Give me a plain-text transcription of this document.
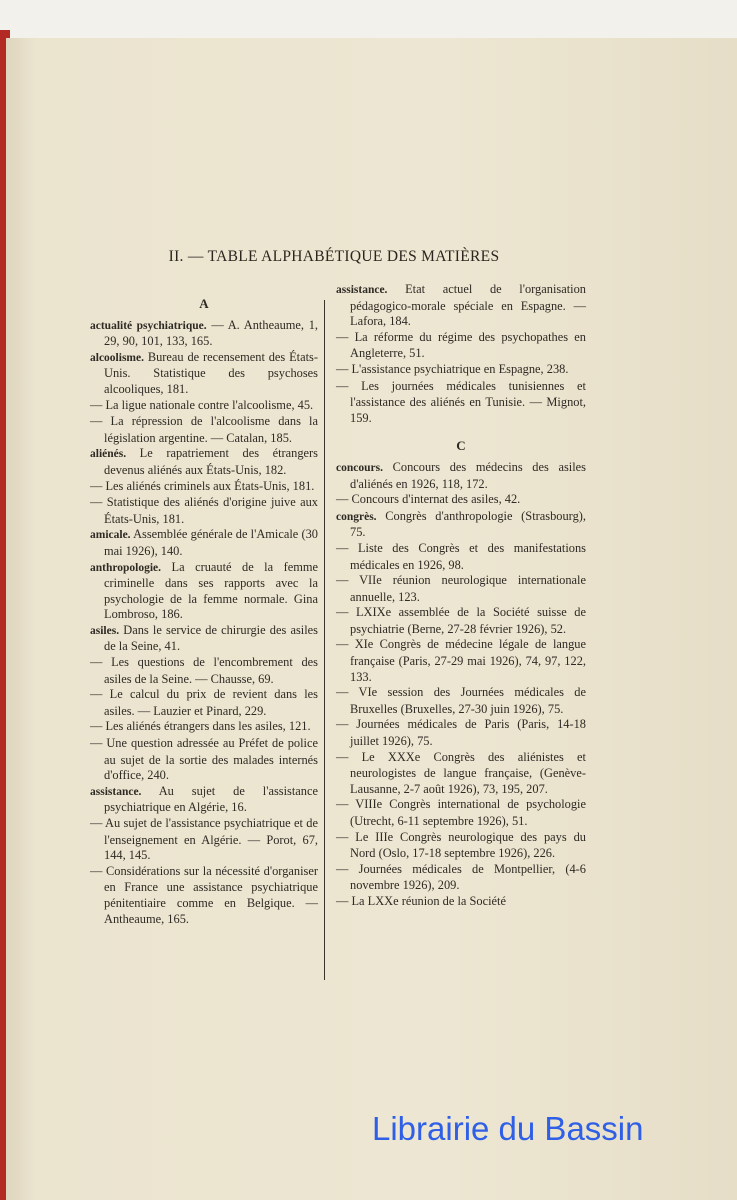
II. — TABLE ALPHABÉTIQUE DES MATIÈRES
A

actualité psychiatrique. — A. Antheaume, 1, 29, 90, 101, 133, 165.

alcoolisme. Bureau de recensement des États-Unis. Statistique des psychoses alcooliques, 181.

— La ligue nationale contre l'alcoolisme, 45.

— La répression de l'alcoolisme dans la législation argentine. — Catalan, 185.

aliénés. Le rapatriement des étrangers devenus aliénés aux États-Unis, 182.

— Les aliénés criminels aux États-Unis, 181.

— Statistique des aliénés d'origine juive aux États-Unis, 181.

amicale. Assemblée générale de l'Amicale (30 mai 1926), 140.

anthropologie. La cruauté de la femme criminelle dans ses rapports avec la psychologie de la femme normale. Gina Lombroso, 186.

asiles. Dans le service de chirurgie des asiles de la Seine, 41.

— Les questions de l'encombrement des asiles de la Seine. — Chausse, 69.

— Le calcul du prix de revient dans les asiles. — Lauzier et Pinard, 229.

— Les aliénés étrangers dans les asiles, 121.

— Une question adressée au Préfet de police au sujet de la sortie des malades internés d'office, 240.

assistance. Au sujet de l'assistance psychiatrique en Algérie, 16.

— Au sujet de l'assistance psychiatrique et de l'enseignement en Algérie. — Porot, 67, 144, 145.

— Considérations sur la nécessité d'organiser en France une assistance psychiatrique pénitentiaire comme en Belgique. — Antheaume, 165.

assistance. Etat actuel de l'organisation pédagogico-morale spéciale en Espagne. — Lafora, 184.

— La réforme du régime des psychopathes en Angleterre, 51.

— L'assistance psychiatrique en Espagne, 238.

— Les journées médicales tunisiennes et l'assistance des aliénés en Tunisie. — Mignot, 159.

C

concours. Concours des médecins des asiles d'aliénés en 1926, 118, 172.

— Concours d'internat des asiles, 42.

congrès. Congrès d'anthropologie (Strasbourg), 75.

— Liste des Congrès et des manifestations médicales en 1926, 98.

— VIIe réunion neurologique internationale annuelle, 123.

— LXIXe assemblée de la Société suisse de psychiatrie (Berne, 27-28 février 1926), 52.

— XIe Congrès de médecine légale de langue française (Paris, 27-29 mai 1926), 74, 97, 122, 133.

— VIe session des Journées médicales de Bruxelles (Bruxelles, 27-30 juin 1926), 75.

— Journées médicales de Paris (Paris, 14-18 juillet 1926), 75.

— Le XXXe Congrès des aliénistes et neurologistes de langue française, (Genève-Lausanne, 2-7 août 1926), 73, 195, 207.

— VIIIe Congrès international de psychologie (Utrecht, 6-11 septembre 1926), 51.

— Le IIIe Congrès neurologique des pays du Nord (Oslo, 17-18 septembre 1926), 226.

— Journées médicales de Montpellier, (4-6 novembre 1926), 209.

— La LXXe réunion de la Société

Librairie du Bassin
